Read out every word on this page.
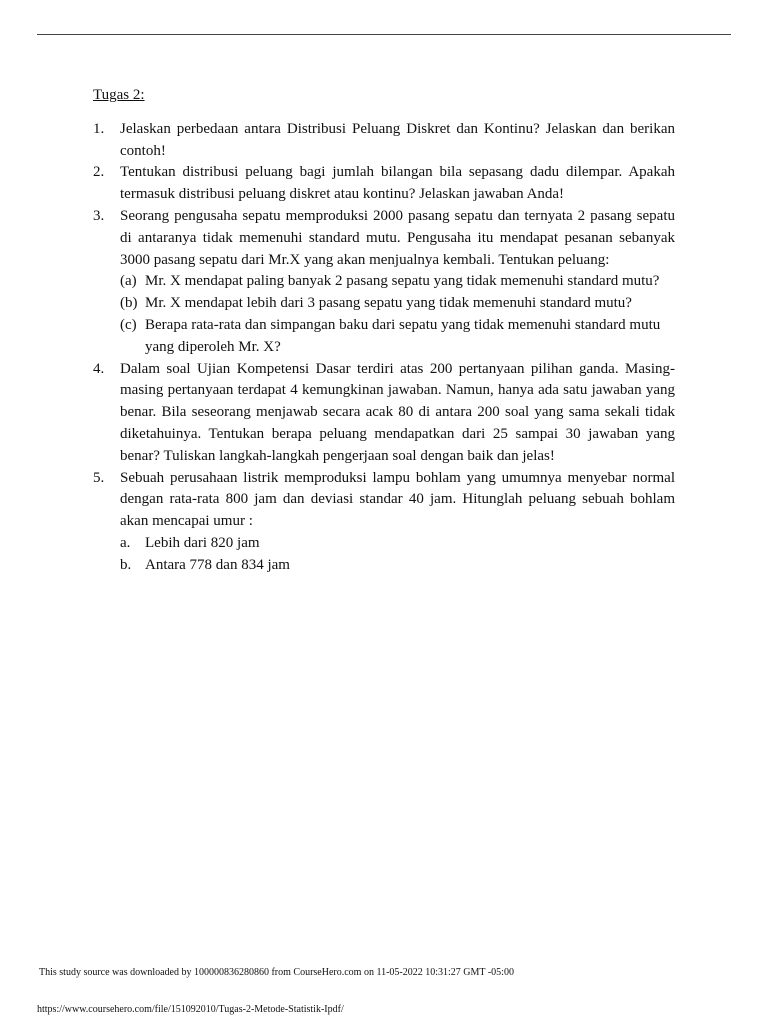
Tugas 2:
1.	Jelaskan perbedaan antara Distribusi Peluang Diskret dan Kontinu? Jelaskan dan berikan contoh!

2.	Tentukan distribusi peluang bagi jumlah bilangan bila sepasang dadu dilempar. Apakah termasuk distribusi peluang diskret atau kontinu? Jelaskan jawaban Anda!

3.	Seorang pengusaha sepatu memproduksi 2000 pasang sepatu dan ternyata 2 pasang sepatu di antaranya tidak memenuhi standard mutu. Pengusaha itu mendapat pesanan sebanyak 3000 pasang sepatu dari Mr.X yang akan menjualnya kembali. Tentukan peluang:

(a) Mr. X mendapat paling banyak 2 pasang sepatu yang tidak memenuhi standard mutu?
(b) Mr. X mendapat lebih dari 3 pasang sepatu yang tidak memenuhi standard mutu?
(c) Berapa rata-rata dan simpangan baku dari sepatu yang tidak memenuhi standard mutu yang diperoleh Mr. X?
4.	Dalam soal Ujian Kompetensi Dasar terdiri atas 200 pertanyaan pilihan ganda. Masing-masing pertanyaan terdapat 4 kemungkinan jawaban. Namun, hanya ada satu jawaban yang benar. Bila seseorang menjawab secara acak 80 di antara 200 soal yang sama sekali tidak diketahuinya. Tentukan berapa peluang mendapatkan dari 25 sampai 30 jawaban yang benar? Tuliskan langkah-langkah pengerjaan soal dengan baik dan jelas!

5.	Sebuah perusahaan listrik memproduksi lampu bohlam yang umumnya menyebar normal dengan rata-rata 800 jam dan deviasi standar 40 jam. Hitunglah peluang sebuah bohlam akan mencapai umur :

a. Lebih dari 820 jam
b. Antara 778 dan 834 jam
This study source was downloaded by 100000836280860 from CourseHero.com on 11-05-2022 10:31:27 GMT -05:00
https://www.coursehero.com/file/151092010/Tugas-2-Metode-Statistik-Ipdf/
